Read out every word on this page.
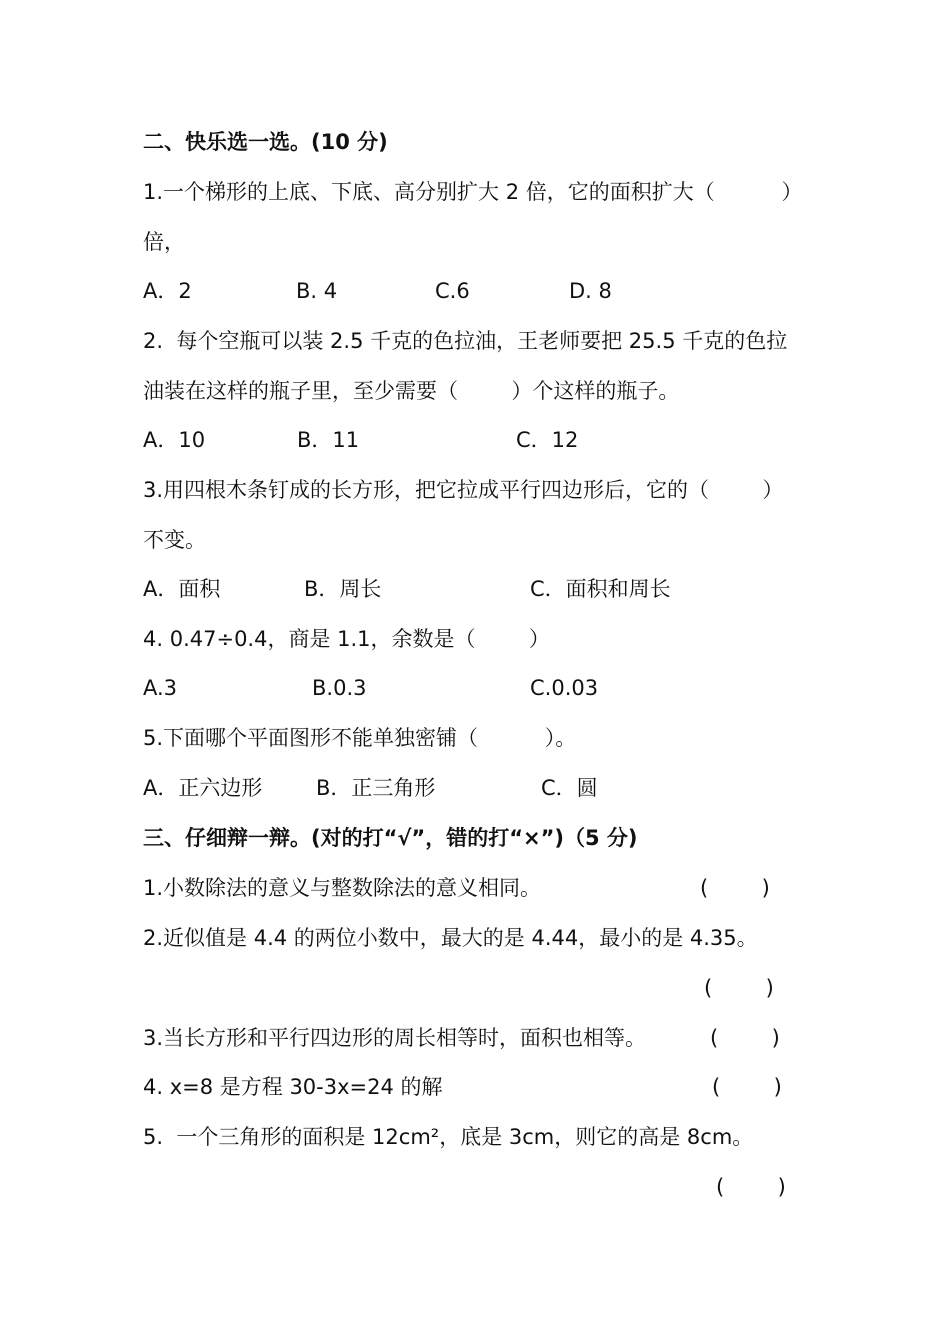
二、快乐选一选。(10 分)
1.一个梯形的上底、下底、高分别扩大 2 倍，它的面积扩大（          ）
倍，
A．2	B. 4	C.6	D. 8
2.  每个空瓶可以装 2.5 千克的色拉油，王老师要把 25.5 千克的色拉
油装在这样的瓶子里，至少需要（        ）个这样的瓶子。
A．10	B．11	C．12
3.用四根木条钉成的长方形，把它拉成平行四边形后，它的（        ）
不变。
A．面积	B．周长	C．面积和周长
4. 0.47÷0.4，商是 1.1，余数是（        ）
A.3	B.0.3	C.0.03
5.下面哪个平面图形不能单独密铺（          ）。
A．正六边形	B．正三角形	C．圆
三、仔细辩一辩。(对的打“√”，错的打“×”)（5 分)
1.小数除法的意义与整数除法的意义相同。	(        )
2.近似值是 4.4 的两位小数中，最大的是 4.44，最小的是 4.35。
(        )
3.当长方形和平行四边形的周长相等时，面积也相等。	(        )
4. x=8 是方程 30-3x=24 的解	(        )
5.  一个三角形的面积是 12cm²，底是 3cm，则它的高是 8cm。
(        )
